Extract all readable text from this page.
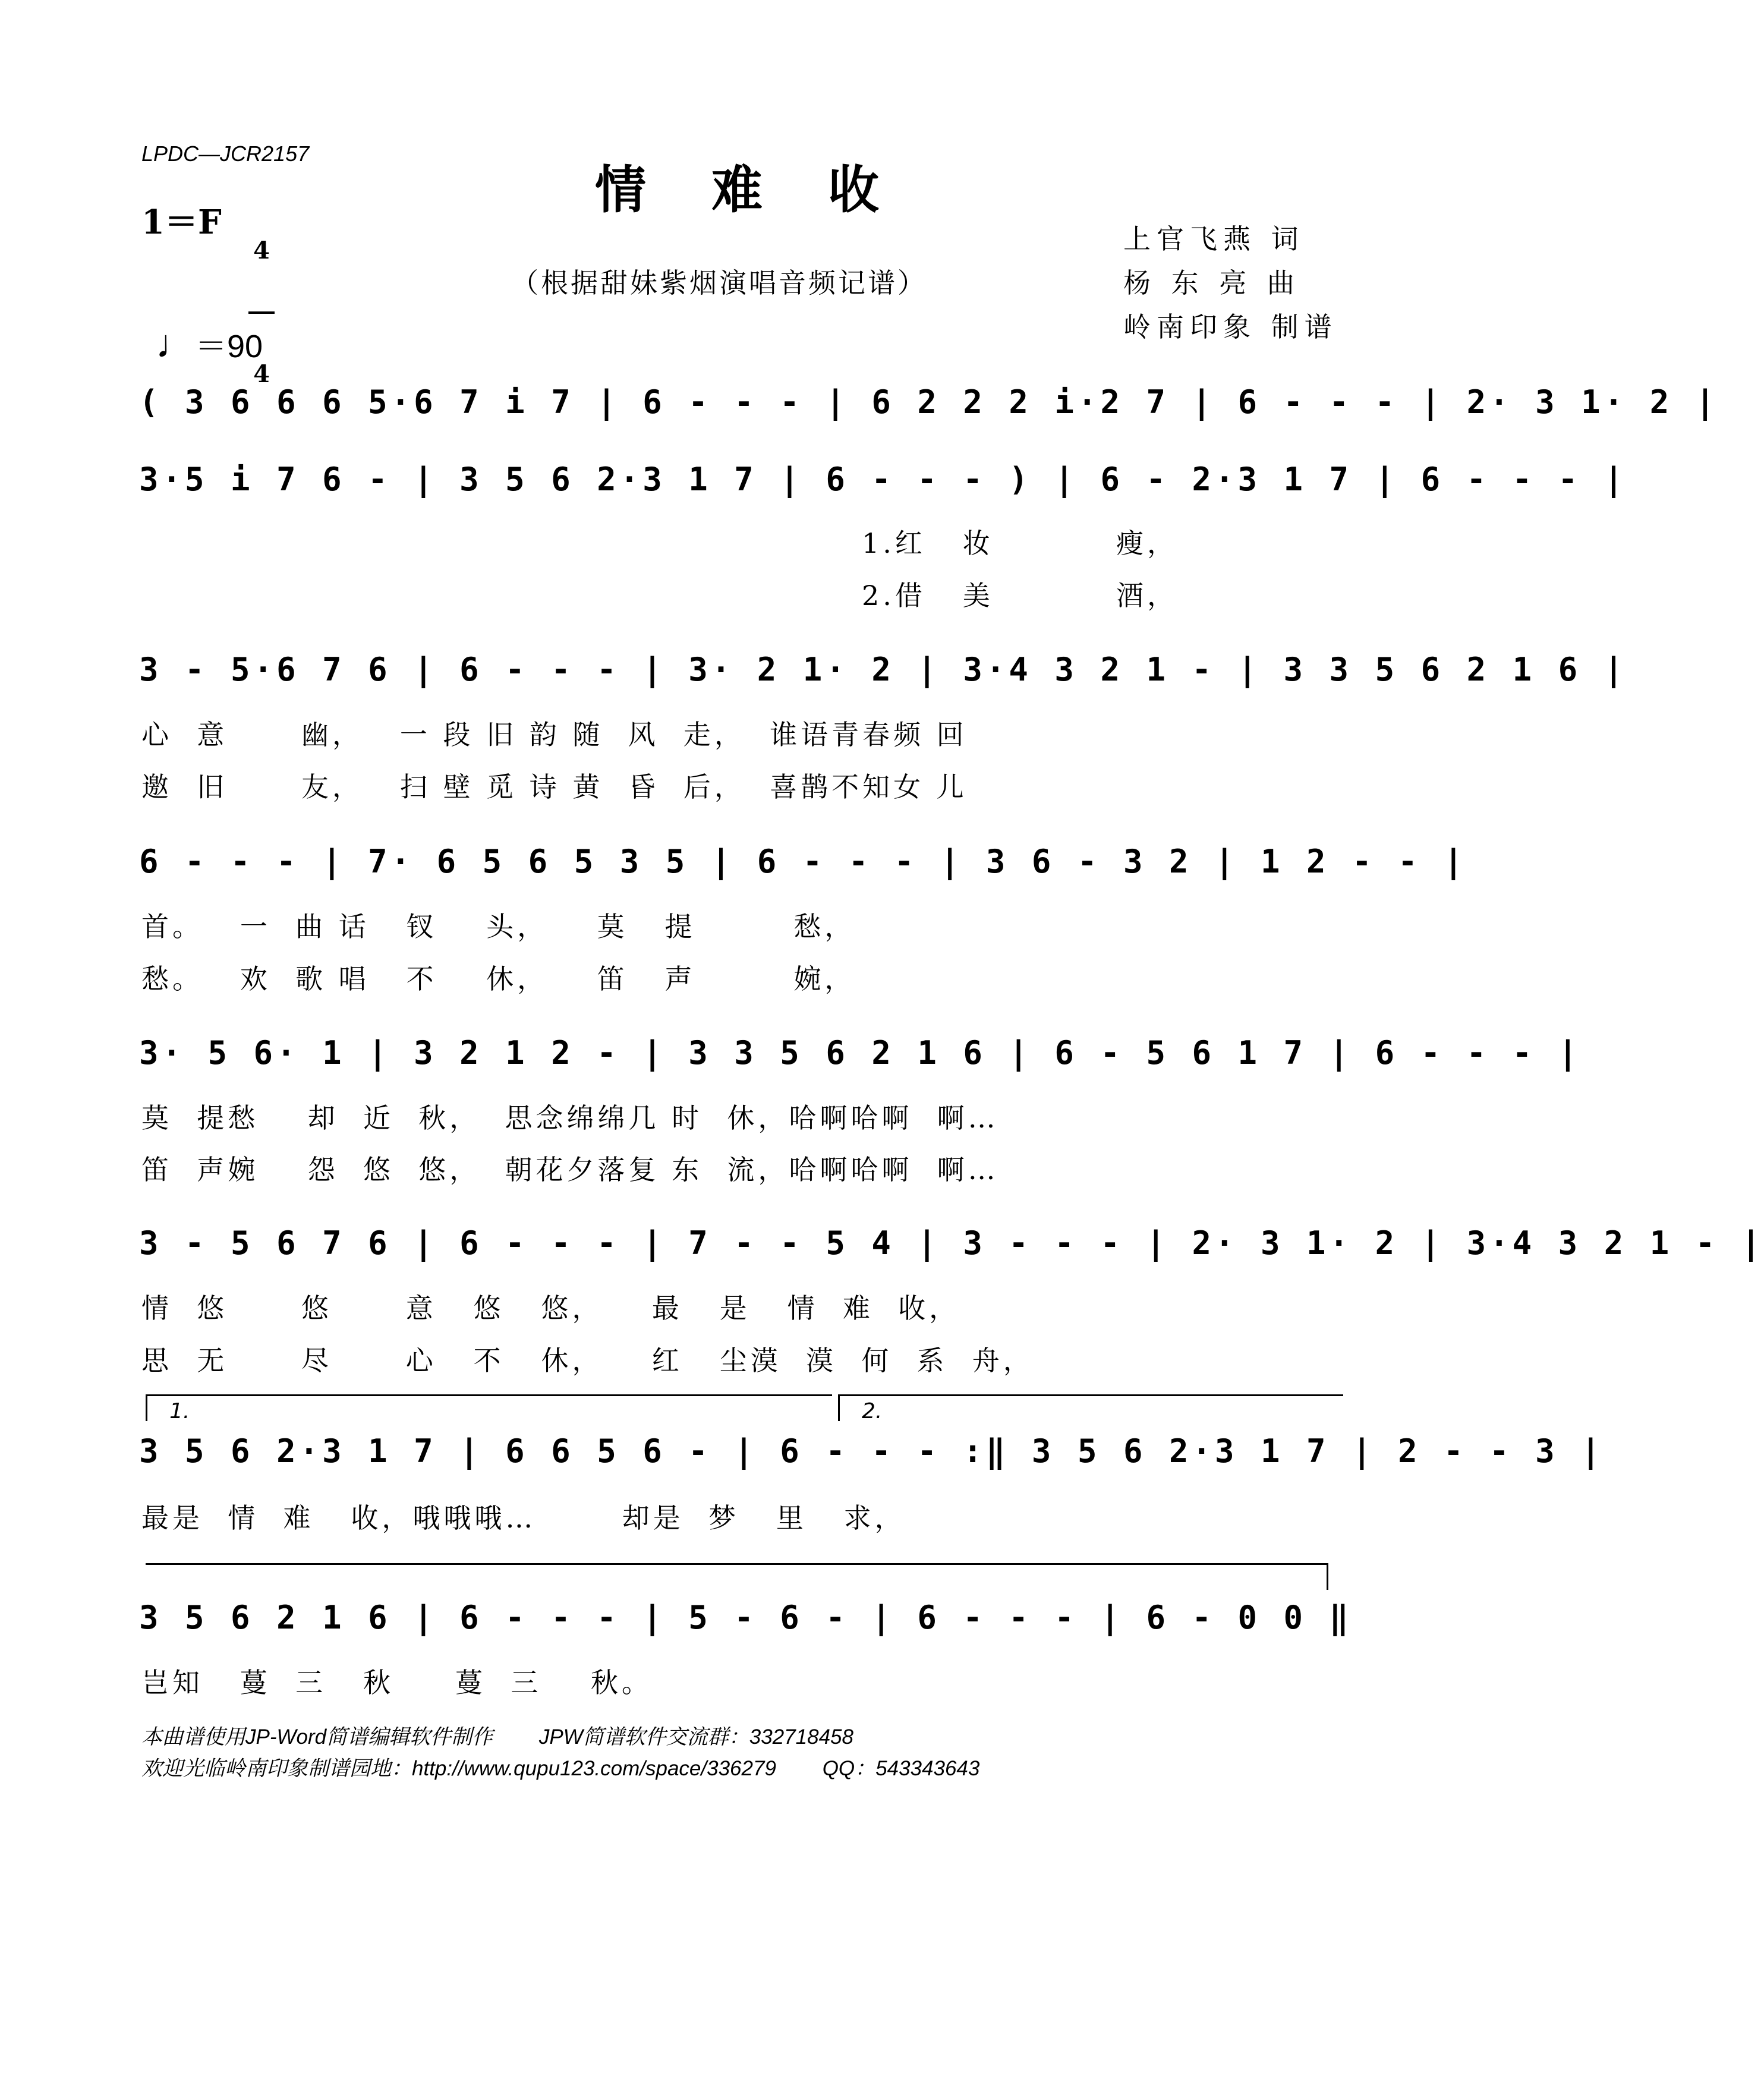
LPDC—JCR2157
情难收
1＝F

4

4

♩＝90

（根据甜妹紫烟演唱音频记谱）
上官飞燕 词
杨 东 亮 曲
岭南印象 制谱
( 3 6 6 6 5·6 7 i 7 | 6 - - - | 6 2 2 2 i·2 7 | 6 - - - | 2· 3 1· 2 |
3·5 i 7 6 - | 3 5 6 2·3 1 7 | 6 - - - ) | 6 - 2·3 1 7 | 6 - - - |
1.红   妆          瘦，
2.借   美          酒，
3 - 5·6 7 6 | 6 - - - | 3· 2 1· 2 | 3·4 3 2 1 - | 3 3 5 6 2 1 6 |
心  意      幽，   一 段 旧 韵 随  风  走，  谁语青春频 回
邀  旧      友，   扫 壁 觅 诗 黄  昏  后，  喜鹊不知女 儿
6 - - - | 7· 6 5 6 5 3 5 | 6 - - - | 3 6 - 3 2 | 1 2 - - |
首。   一  曲 话   钗    头，    莫   提        愁，
愁。   欢  歌 唱   不    休，    笛   声        婉，
3· 5 6· 1 | 3 2 1 2 - | 3 3 5 6 2 1 6 | 6 - 5 6 1 7 | 6 - - - |
莫  提愁    却  近  秋，  思念绵绵几 时  休，哈啊哈啊  啊…
笛  声婉    怨  悠  悠，  朝花夕落复 东  流，哈啊哈啊  啊…
3 - 5 6 7 6 | 6 - - - | 7 - - 5 4 | 3 - - - | 2· 3 1· 2 | 3·4 3 2 1 - |
情  悠      悠      意   悠   悠，    最   是   情  难  收，
思  无      尽      心   不   休，    红   尘漠  漠  何  系  舟，
1.	2.
3 5 6 2·3 1 7 | 6 6 5 6 - | 6 - - - :‖ 3 5 6 2·3 1 7 | 2 - - 3 |
最是  情  难   收，哦哦哦…       却是  梦   里   求，
3 5 6 2 1 6 | 6 - - - | 5 - 6 - | 6 - - - | 6 - 0 0 ‖
岂知   蔓  三   秋     蔓  三    秋。
本曲谱使用JP-Word简谱编辑软件制作        JPW简谱软件交流群：332718458
欢迎光临岭南印象制谱园地：http://www.qupu123.com/space/336279        QQ：543343643
